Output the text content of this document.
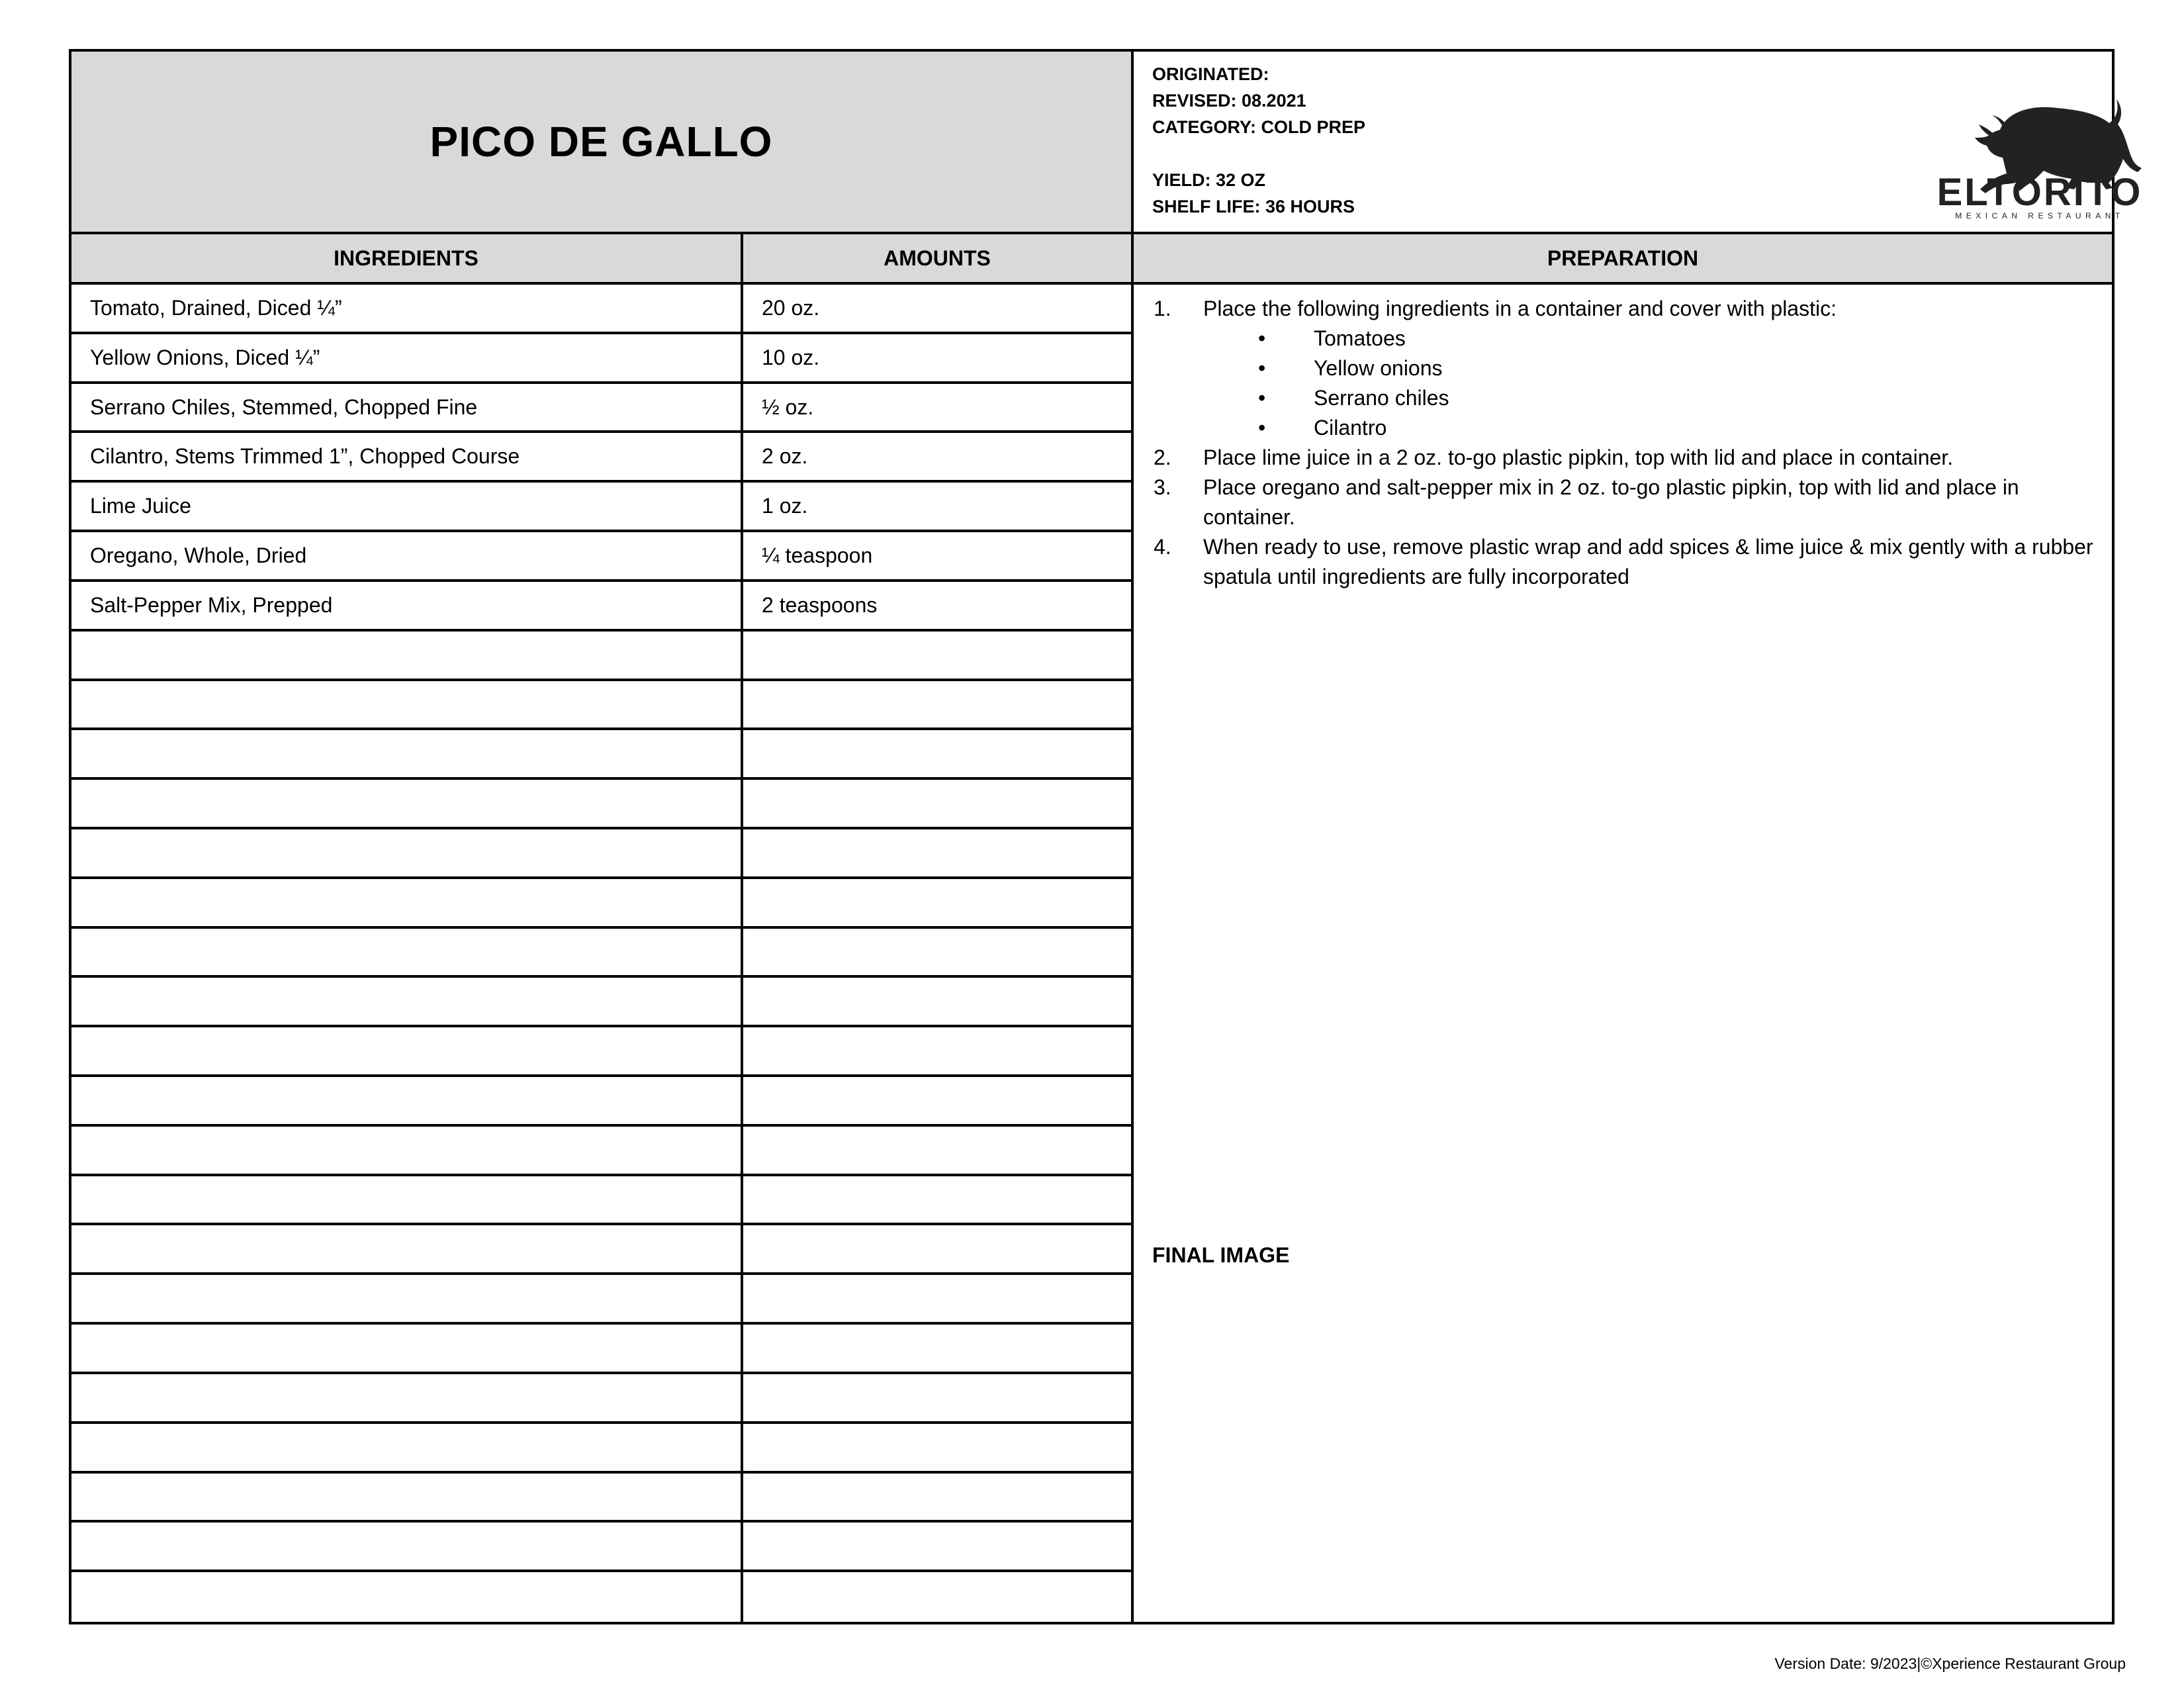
PICO DE GALLO
ORIGINATED:
REVISED: 08.2021
CATEGORY: COLD PREP
YIELD: 32 OZ
SHELF LIFE: 36 HOURS	ELTORITO
MEXICAN RESTAURANT
INGREDIENTS	AMOUNTS	PREPARATION
Tomato, Drained, Diced ¼”	20 oz.
Yellow Onions, Diced ¼”	10 oz.
Serrano Chiles, Stemmed, Chopped Fine	½ oz.
Cilantro, Stems Trimmed 1”, Chopped Course	2 oz.
Lime Juice	1 oz.
Oregano, Whole, Dried	¼ teaspoon
Salt-Pepper Mix, Prepped	2 teaspoons
1.	Place the following ingredients in a container and cover with plastic:
• Tomatoes
• Yellow onions
• Serrano chiles
• Cilantro
2.	Place lime juice in a 2 oz. to-go plastic pipkin, top with lid and place in container.
3.	Place oregano and salt-pepper mix in 2 oz. to-go plastic pipkin, top with lid and place in container.
4.	When ready to use, remove plastic wrap and add spices & lime juice & mix gently with a rubber spatula until ingredients are fully incorporated
FINAL IMAGE
Version Date: 9/2023|©Xperience Restaurant Group
